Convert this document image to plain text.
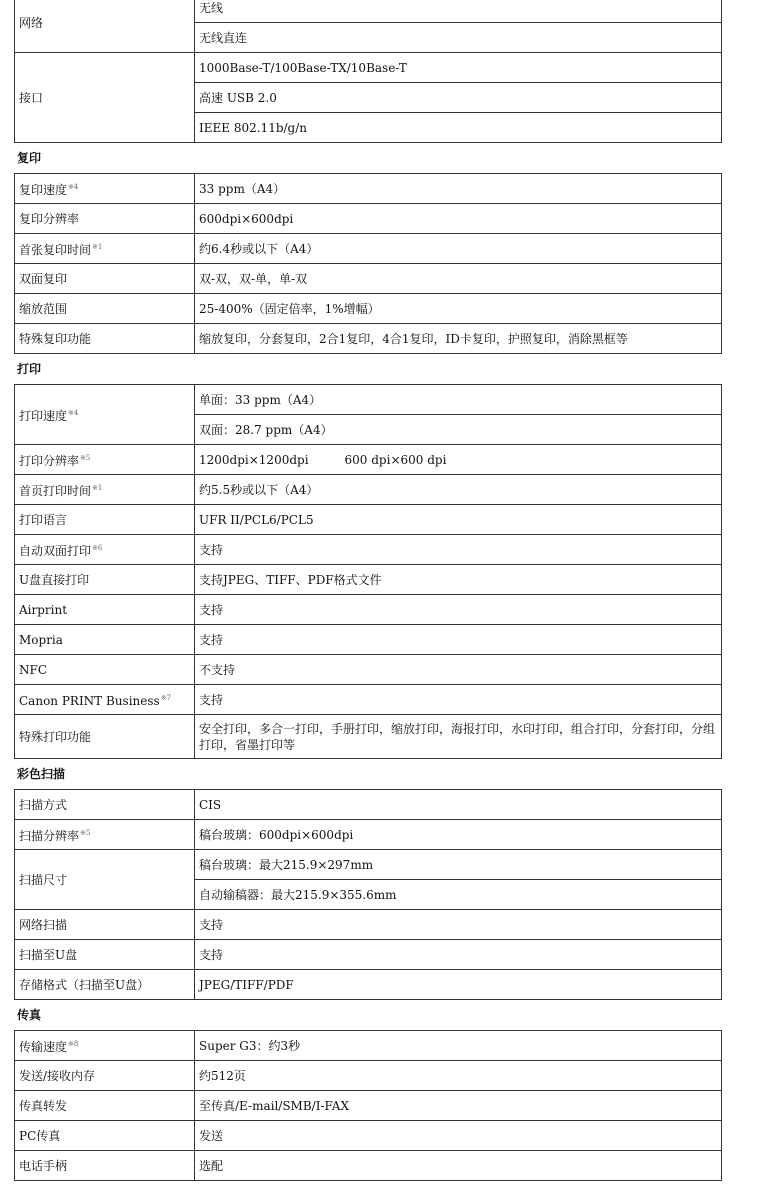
网络	无线
	无线直连
接口	1000Base-T/100Base-TX/10Base-T
	高速 USB 2.0
	IEEE 802.11b/g/n
复印
复印速度$^{※4}$	33 ppm（A4）
复印分辨率	600dpi×600dpi
首张复印时间$^{※1}$	约6.4秒或以下（A4）
双面复印	双-双，双-单，单-双
缩放范围	25-400%（固定倍率，1%增幅）
特殊复印功能	缩放复印，分套复印，2合1复印，4合1复印，ID卡复印，护照复印，消除黑框等
打印
打印速度$^{※4}$	单面：33 ppm（A4）
	双面：28.7 ppm（A4）
打印分辨率$^{※5}$	1200dpi×1200dpi　　　600 dpi×600 dpi
首页打印时间$^{※1}$	约5.5秒或以下（A4）
打印语言	UFR II/PCL6/PCL5
自动双面打印$^{※6}$	支持
U盘直接打印	支持JPEG、TIFF、PDF格式文件
Airprint	支持
Mopria	支持
NFC	不支持
Canon PRINT Business$^{※7}$	支持
特殊打印功能	安全打印，多合一打印，手册打印，缩放打印，海报打印，水印打印，组合打印，分套打印，分组打印，省墨打印等
彩色扫描
扫描方式	CIS
扫描分辨率$^{※5}$	稿台玻璃：600dpi×600dpi
扫描尺寸	稿台玻璃：最大215.9×297mm
	自动输稿器：最大215.9×355.6mm
网络扫描	支持
扫描至U盘	支持
存储格式（扫描至U盘）	JPEG/TIFF/PDF
传真
传输速度$^{※8}$	Super G3：约3秒
发送/接收内存	约512页
传真转发	至传真/E-mail/SMB/I-FAX
PC传真	发送
电话手柄	选配
